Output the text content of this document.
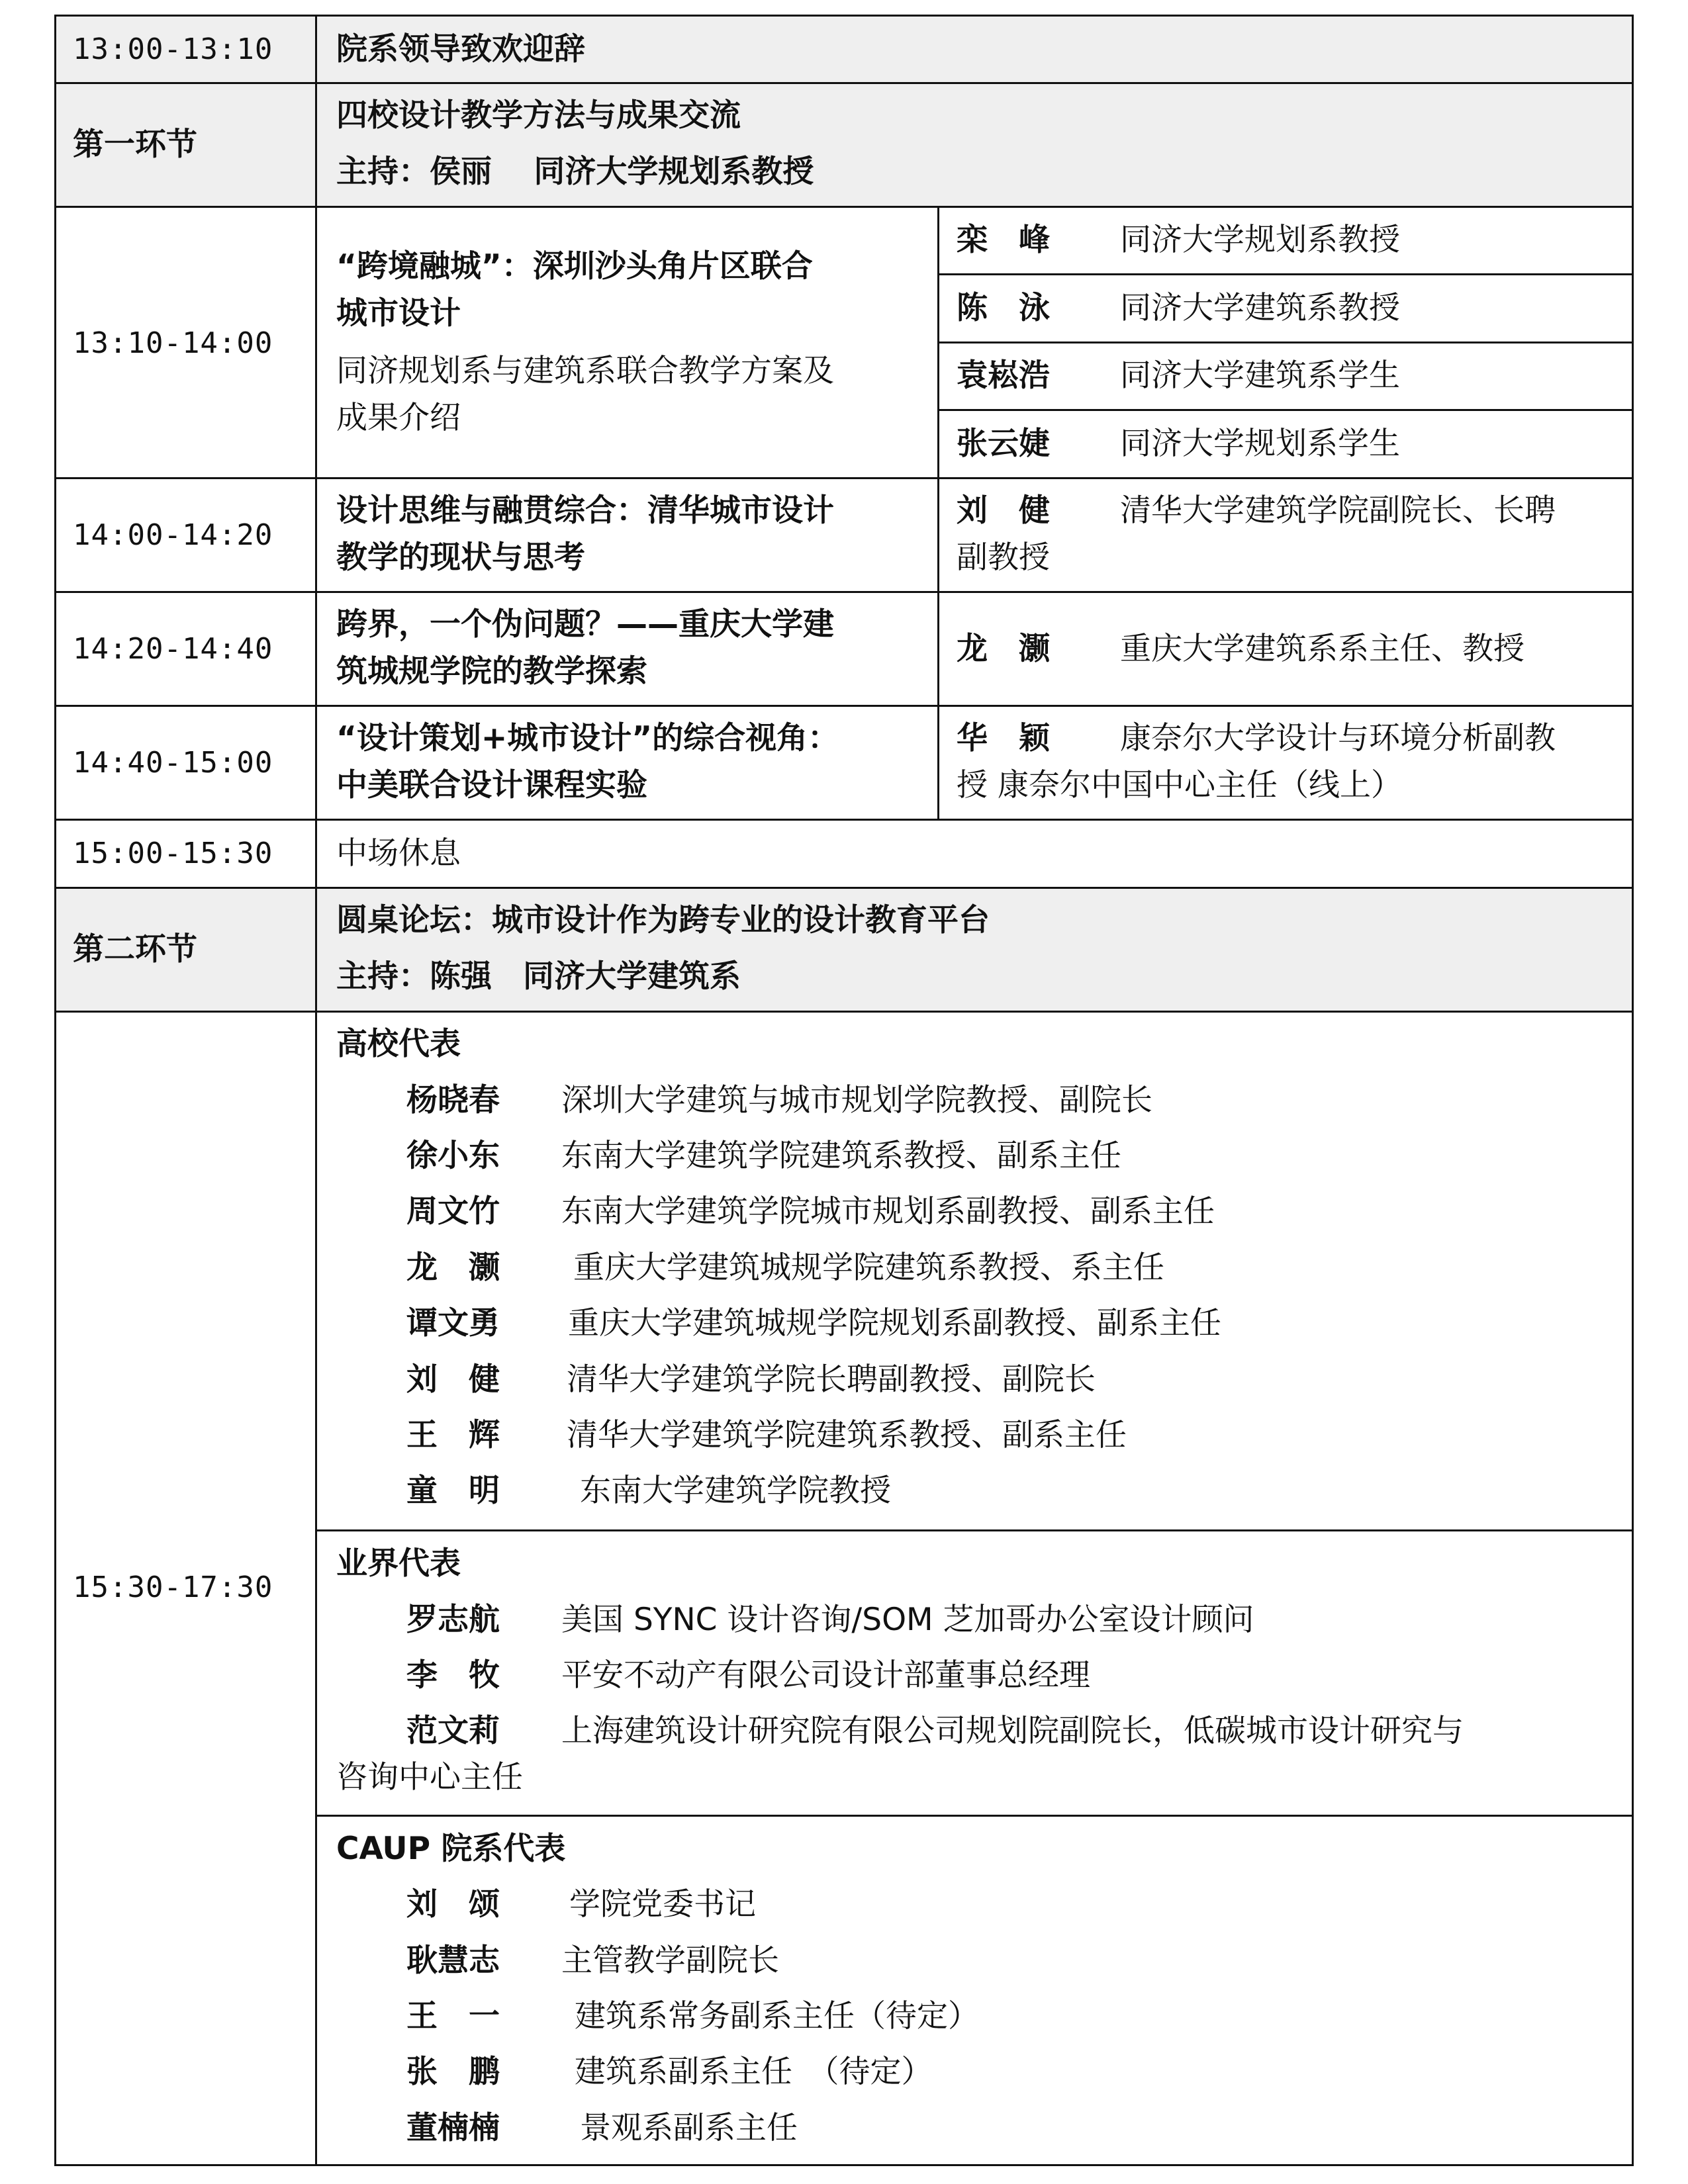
13:00-13:10 院系领导致欢迎辞
第一环节
四校设计教学方法与成果交流
主持：侯丽　 同济大学规划系教授
13:10-14:00
“跨境融城”：深圳沙头角片区联合
城市设计
同济规划系与建筑系联合教学方案及
成果介绍
栾　峰 同济大学规划系教授
陈　泳 同济大学建筑系教授
袁崧浩 同济大学建筑系学生
张云婕 同济大学规划系学生
14:00-14:20
设计思维与融贯综合：清华城市设计
教学的现状与思考
刘　健 清华大学建筑学院副院长、长聘
副教授
14:20-14:40
跨界，一个伪问题？——重庆大学建
筑城规学院的教学探索
龙　灏 重庆大学建筑系系主任、教授
14:40-15:00
“设计策划+城市设计”的综合视角：
中美联合设计课程实验
华　颖 康奈尔大学设计与环境分析副教
授 康奈尔中国中心主任（线上）
15:00-15:30 中场休息
第二环节
圆桌论坛：城市设计作为跨专业的设计教育平台
主持：陈强　同济大学建筑系
15:30-17:30
高校代表
杨晓春 深圳大学建筑与城市规划学院教授、副院长
徐小东 东南大学建筑学院建筑系教授、副系主任
周文竹 东南大学建筑学院城市规划系副教授、副系主任
龙　灏 重庆大学建筑城规学院建筑系教授、系主任
谭文勇 重庆大学建筑城规学院规划系副教授、副系主任
刘　健 清华大学建筑学院长聘副教授、副院长
王　辉 清华大学建筑学院建筑系教授、副系主任
童　明	东南大学建筑学院教授
业界代表
罗志航 美国 SYNC 设计咨询/SOM 芝加哥办公室设计顾问
李　牧 平安不动产有限公司设计部董事总经理
范文莉 上海建筑设计研究院有限公司规划院副院长，低碳城市设计研究与
咨询中心主任
CAUP 院系代表
刘　颂 学院党委书记
耿慧志 主管教学副院长
王　一 建筑系常务副系主任（待定）
张　鹏 建筑系副系主任　（待定）
董楠楠	景观系副系主任
